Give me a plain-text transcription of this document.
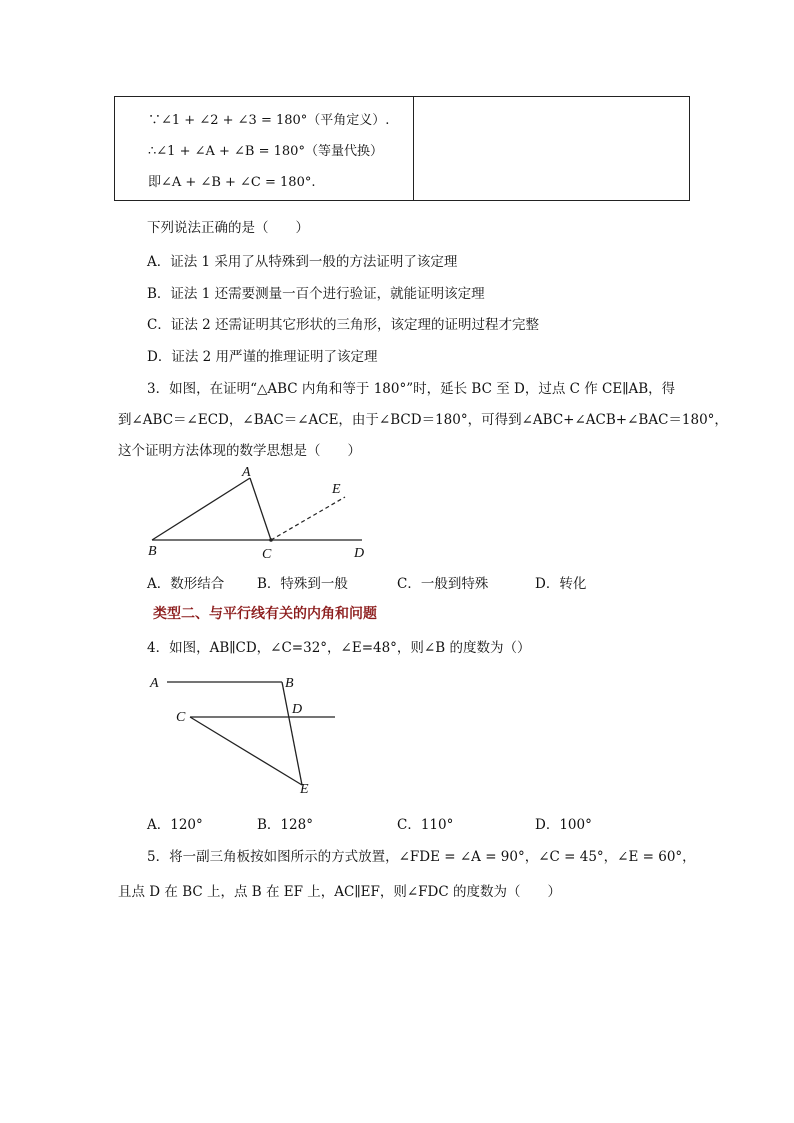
∵∠1 + ∠2 + ∠3 = 180°（平角定义）.
∴∠1 + ∠A + ∠B = 180°（等量代换）
即∠A + ∠B + ∠C = 180°.

下列说法正确的是（　　）
A．证法 1 采用了从特殊到一般的方法证明了该定理
B．证法 1 还需要测量一百个进行验证，就能证明该定理
C．证法 2 还需证明其它形状的三角形，该定理的证明过程才完整
D．证法 2 用严谨的推理证明了该定理
3．如图，在证明“△ABC 内角和等于 180°”时，延长 BC 至 D，过点 C 作 CE∥AB，得
到∠ABC＝∠ECD，∠BAC＝∠ACE，由于∠BCD＝180°，可得到∠ABC+∠ACB+∠BAC＝180°，
这个证明方法体现的数学思想是（　　）
A
B	C	D
E
A．数形结合 B．特殊到一般	C．一般到特殊	D．转化
类型二、与平行线有关的内角和问题
4．如图，AB∥CD，∠C=32°，∠E=48°，则∠B 的度数为（）
A	B
C
D
E
A．120°	B．128°	C．110°	D．100°
5．将一副三角板按如图所示的方式放置，∠FDE = ∠A = 90°，∠C = 45°，∠E = 60°，
且点 D 在 BC 上，点 B 在 EF 上，AC∥EF，则∠FDC 的度数为（　　）
